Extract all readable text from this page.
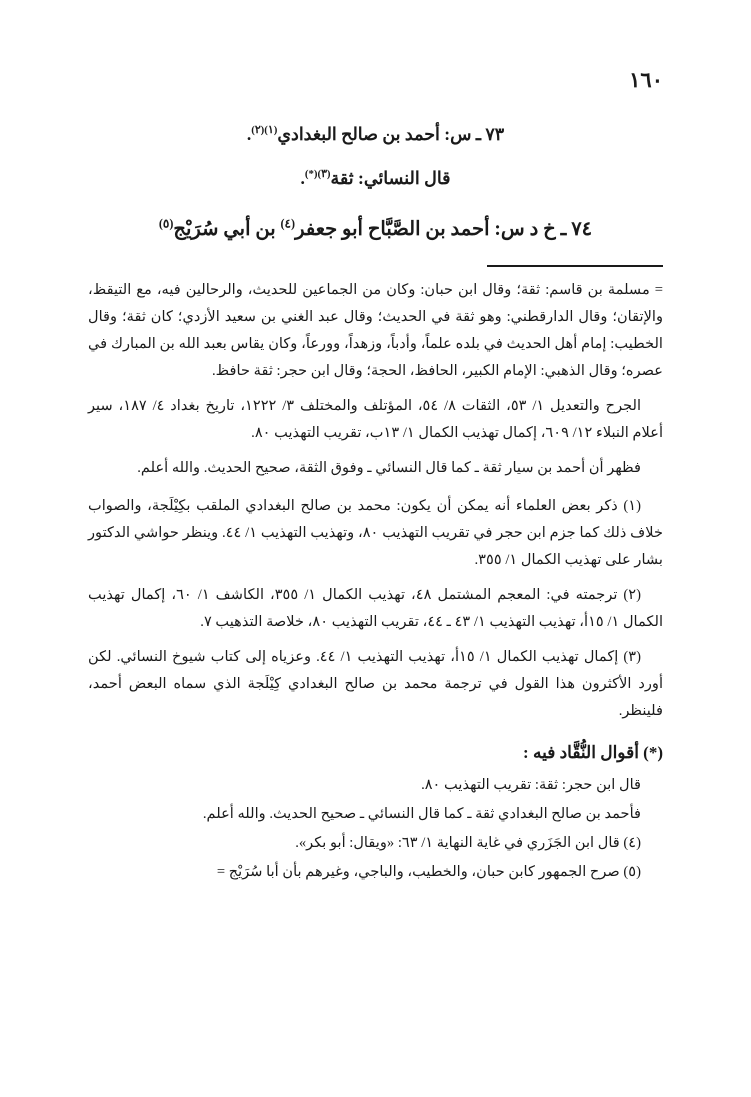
١٦٠
٧٣ ـ س: أحمد بن صالح البغدادي$^{(١)(٢)}$.
قال النسائي: ثقة$^{(٣)(*)}$.
٧٤ ـ خ د س: أحمد بن الصَّبَّاح أبو جعفر$^{(٤)}$ بن أبي سُرَيْج$^{(٥)}$

= مسلمة بن قاسم: ثقة؛ وقال ابن حبان: وكان من الجماعين للحديث، والرحالين فيه، مع التيقظ، والإتقان؛ وقال الدارقطني: وهو ثقة في الحديث؛ وقال عبد الغني بن سعيد الأزدي؛ كان ثقة؛ وقال الخطيب: إمام أهل الحديث في بلده علماً، وأدباً، وزهداً، وورعاً، وكان يقاس بعبد الله بن المبارك في عصره؛ وقال الذهبي: الإمام الكبير، الحافظ، الحجة؛ وقال ابن حجر: ثقة حافظ.

الجرح والتعديل ١/ ٥٣، الثقات ٨/ ٥٤، المؤتلف والمختلف ٣/ ١٢٢٢، تاريخ بغداد ٤/ ١٨٧، سير أعلام النبلاء ١٢/ ٦٠٩، إكمال تهذيب الكمال ١/ ١٣ب، تقريب التهذيب ٨٠.

فظهر أن أحمد بن سيار ثقة ـ كما قال النسائي ـ وفوق الثقة، صحيح الحديث. والله أعلم.

(١) ذكر بعض العلماء أنه يمكن أن يكون: محمد بن صالح البغدادي الملقب بكِيْلَجة، والصواب خلاف ذلك كما جزم ابن حجر في تقريب التهذيب ٨٠، وتهذيب التهذيب ١/ ٤٤. وينظر حواشي الدكتور بشار على تهذيب الكمال ١/ ٣٥٥.

(٢) ترجمته في: المعجم المشتمل ٤٨، تهذيب الكمال ١/ ٣٥٥، الكاشف ١/ ٦٠، إكمال تهذيب الكمال ١/ ١٥أ، تهذيب التهذيب ١/ ٤٣ ـ ٤٤، تقريب التهذيب ٨٠، خلاصة التذهيب ٧.

(٣) إكمال تهذيب الكمال ١/ ١٥أ، تهذيب التهذيب ١/ ٤٤. وعزياه إلى كتاب شيوخ النسائي. لكن أورد الأكثرون هذا القول في ترجمة محمد بن صالح البغدادي كِيْلَجة الذي سماه البعض أحمد، فلينظر.

(*) أقوال النُّقَّاد فيه :

قال ابن حجر: ثقة: تقريب التهذيب ٨٠.

فأحمد بن صالح البغدادي ثقة ـ كما قال النسائي ـ صحيح الحديث. والله أعلم.

(٤) قال ابن الجَزَري في غاية النهاية ١/ ٦٣: «ويقال: أبو بكر».

(٥) صرح الجمهور كابن حبان، والخطيب، والباجي، وغيرهم بأن أبا سُرَيْج =
